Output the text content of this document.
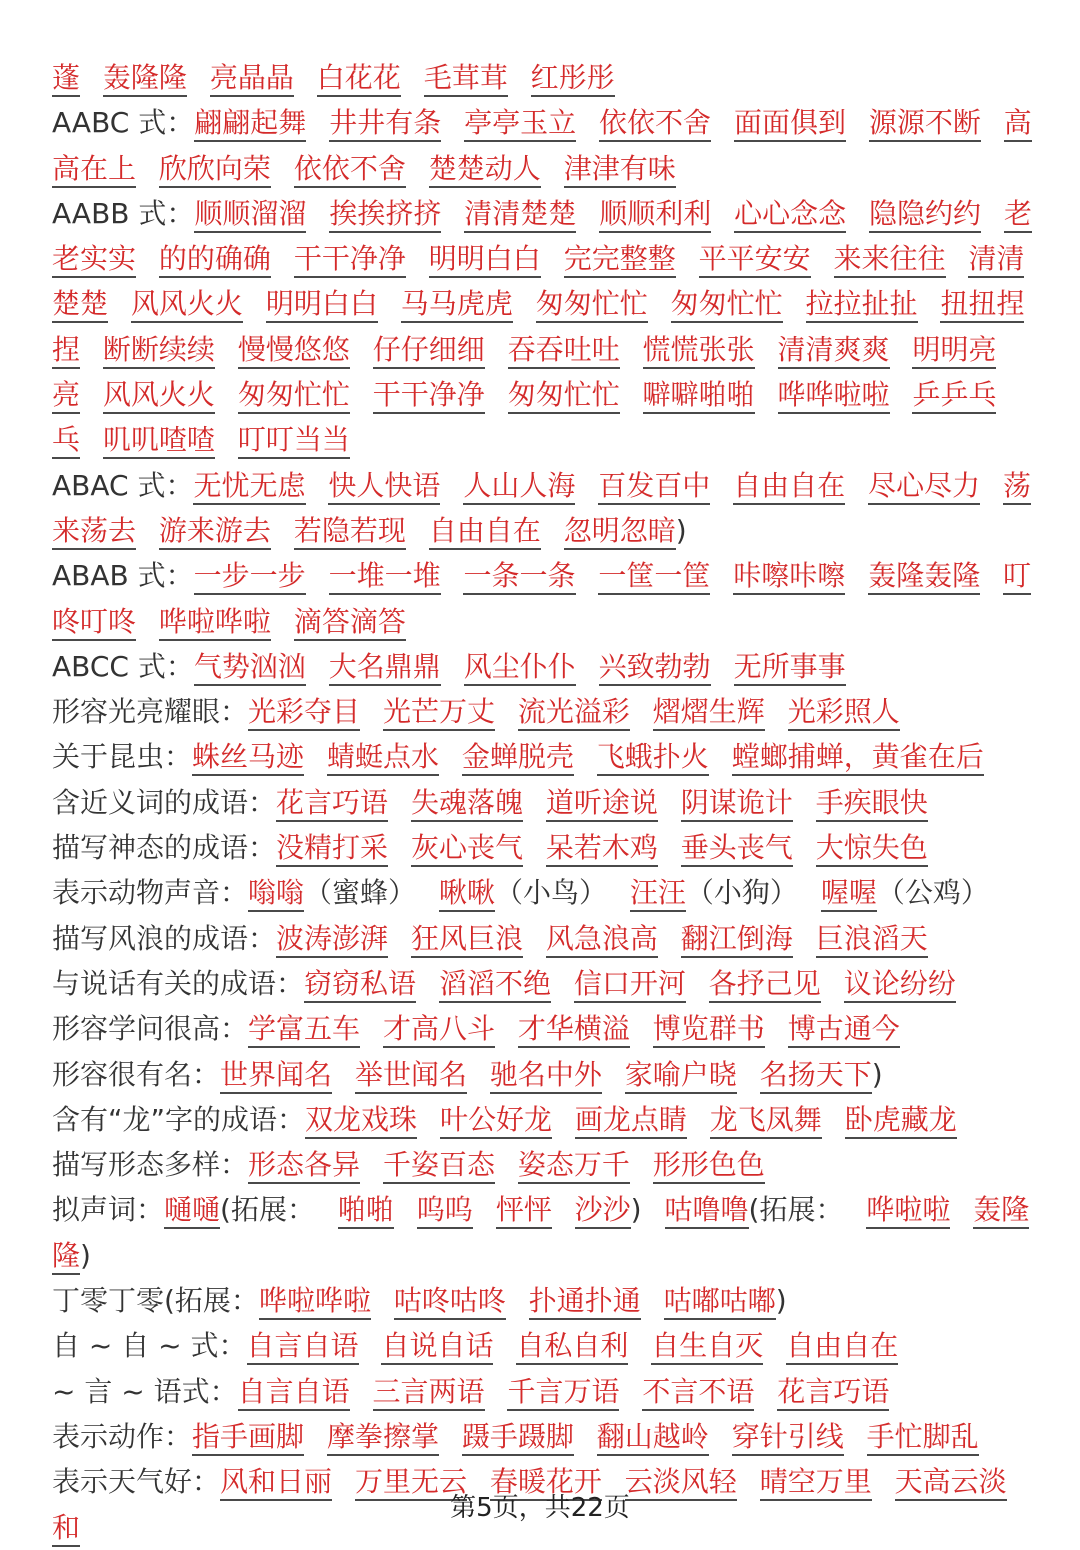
蓬 轰隆隆 亮晶晶 白花花 毛茸茸 红彤彤
AABC 式：翩翩起舞 井井有条 亭亭玉立 依依不舍 面面俱到 源源不断 高高在上 欣欣向荣 依依不舍 楚楚动人 津津有味
AABB 式：顺顺溜溜 挨挨挤挤 清清楚楚 顺顺利利 心心念念 隐隐约约 老老实实 的的确确 干干净净 明明白白 完完整整 平平安安 来来往往 清清楚楚 风风火火 明明白白 马马虎虎 匆匆忙忙 匆匆忙忙 拉拉扯扯 扭扭捏捏 断断续续 慢慢悠悠 仔仔细细 吞吞吐吐 慌慌张张 清清爽爽 明明亮亮 风风火火 匆匆忙忙 干干净净 匆匆忙忙 噼噼啪啪 哗哗啦啦 乒乒乓乓 叽叽喳喳 叮叮当当
ABAC 式：无忧无虑 快人快语 人山人海 百发百中 自由自在 尽心尽力 荡来荡去 游来游去 若隐若现 自由自在 忽明忽暗)
ABAB 式：一步一步 一堆一堆 一条一条 一筐一筐 咔嚓咔嚓 轰隆轰隆 叮咚叮咚 哗啦哗啦 滴答滴答
ABCC 式：气势汹汹 大名鼎鼎 风尘仆仆 兴致勃勃 无所事事
形容光亮耀眼：光彩夺目 光芒万丈 流光溢彩 熠熠生辉 光彩照人
关于昆虫：蛛丝马迹 蜻蜓点水 金蝉脱壳 飞蛾扑火 螳螂捕蝉，黄雀在后
含近义词的成语：花言巧语 失魂落魄 道听途说 阴谋诡计 手疾眼快
描写神态的成语：没精打采 灰心丧气 呆若木鸡 垂头丧气 大惊失色
表示动物声音：嗡嗡（蜜蜂） 啾啾（小鸟） 汪汪（小狗） 喔喔（公鸡）
描写风浪的成语：波涛澎湃 狂风巨浪 风急浪高 翻江倒海 巨浪滔天
与说话有关的成语：窃窃私语 滔滔不绝 信口开河 各抒己见 议论纷纷
形容学问很高：学富五车 才高八斗 才华横溢 博览群书 博古通今
形容很有名：世界闻名 举世闻名 驰名中外 家喻户晓 名扬天下)
含有“龙”字的成语：双龙戏珠 叶公好龙 画龙点睛 龙飞凤舞 卧虎藏龙
描写形态多样：形态各异 千姿百态 姿态万千 形形色色
拟声词：嗵嗵(拓展： 啪啪 呜呜 怦怦 沙沙) 咕噜噜(拓展： 哗啦啦 轰隆隆)
丁零丁零(拓展：哗啦哗啦 咕咚咕咚 扑通扑通 咕嘟咕嘟)
自 ~ 自 ~ 式：自言自语 自说自话 自私自利 自生自灭 自由自在
~ 言 ~ 语式：自言自语 三言两语 千言万语 不言不语 花言巧语
表示动作：指手画脚 摩拳擦掌 蹑手蹑脚 翻山越岭 穿针引线 手忙脚乱
表示天气好：风和日丽 万里无云 春暖花开 云淡风轻 晴空万里 天高云淡 和
第5页，共22页
